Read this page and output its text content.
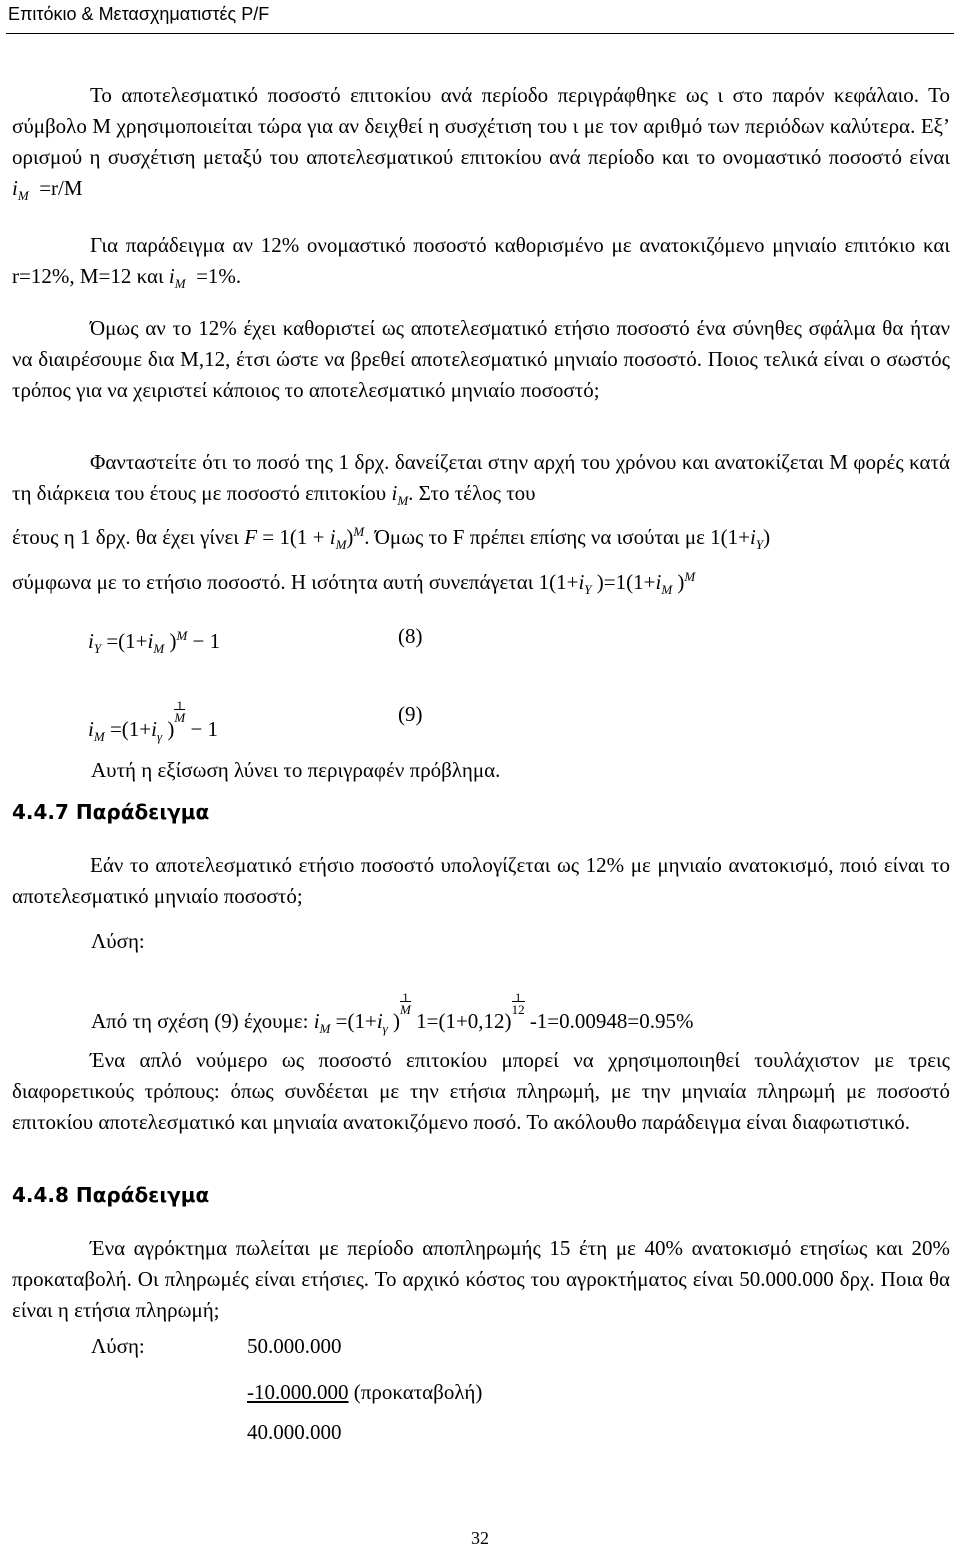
Επιτόκιο & Μετασχηματιστές P/F
Το αποτελεσματικό ποσοστό επιτοκίου ανά περίοδο περιγράφθηκε ως ι στο παρόν κεφάλαιο. Το σύμβολο Μ χρησιμοποιείται τώρα για αν δειχθεί η συσχέτιση του ι με τον αριθμό των περιόδων καλύτερα. Εξ’ ορισμού η συσχέτιση μεταξύ του αποτελεσματικού επιτοκίου ανά περίοδο και το ονομαστικό ποσοστό είναι $i_M =r/M$
Για παράδειγμα αν 12% ονομαστικό ποσοστό καθορισμένο με ανατοκιζόμενο μηνιαίο επιτόκιο και r=12%, M=12 και $i_M =1\%$.
Όμως αν το 12% έχει καθοριστεί ως αποτελεσματικό ετήσιο ποσοστό ένα σύνηθες σφάλμα θα ήταν να διαιρέσουμε δια Μ,12, έτσι ώστε να βρεθεί αποτελεσματικό μηνιαίο ποσοστό. Ποιος τελικά είναι ο σωστός τρόπος για να χειριστεί κάποιος το αποτελεσματικό μηνιαίο ποσοστό;
Φανταστείτε ότι το ποσό της 1 δρχ. δανείζεται στην αρχή του χρόνου και ανατοκίζεται Μ φορές κατά τη διάρκεια του έτους με ποσοστό επιτοκίου $i_M$. Στο τέλος του
έτους η 1 δρχ. θα έχει γίνει $F = 1(1 + i_M)^M$. Όμως το F πρέπει επίσης να ισούται με $1(1+i_Y)$
σύμφωνα με το ετήσιο ποσοστό. Η ισότητα αυτή συνεπάγεται $1(1+i_Y$ )$=1(1+i_M$ )$^M$
$i_Y =(1+i_M$ )$^M$ − 1	(8)
$i_M =(1+i_\gamma$ )$^{1 M}$ − 1
(9)
Αυτή η εξίσωση λύνει το περιγραφέν πρόβλημα.
4.4.7 Παράδειγμα
Εάν το αποτελεσματικό ετήσιο ποσοστό υπολογίζεται ως 12% με μηνιαίο ανατοκισμό, ποιό είναι το αποτελεσματικό μηνιαίο ποσοστό;
Λύση:
Από τη σχέση (9) έχουμε: $i_M =(1+i_\gamma$ )$^{1 M}$ $1=(1+0,12)^{1 12}$ -1=0.00948=0.95%
Ένα απλό νούμερο ως ποσοστό επιτοκίου μπορεί να χρησιμοποιηθεί τουλάχιστον με τρεις διαφορετικούς τρόπους: όπως συνδέεται με την ετήσια πληρωμή, με την μηνιαία πληρωμή με ποσοστό επιτοκίου αποτελεσματικό και μηνιαία ανατοκιζόμενο ποσό. Το ακόλουθο παράδειγμα είναι διαφωτιστικό.
4.4.8 Παράδειγμα
Ένα αγρόκτημα πωλείται με περίοδο αποπληρωμής 15 έτη με 40% ανατοκισμό ετησίως και 20% προκαταβολή. Οι πληρωμές είναι ετήσιες. Το αρχικό κόστος του αγροκτήματος είναι 50.000.000 δρχ. Ποια θα είναι η ετήσια πληρωμή;
Λύση:	50.000.000
-10.000.000 (προκαταβολή)
40.000.000
32
